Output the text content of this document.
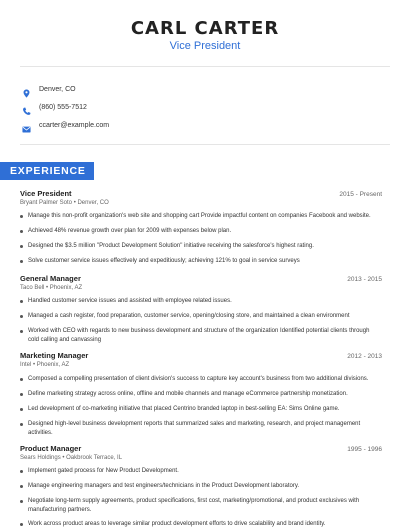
CARL CARTER
Vice President
Denver, CO
(860) 555-7512
ccarter@example.com
EXPERIENCE
Vice President	2015 - Present
Bryant Palmer Soto • Denver, CO
Manage this non-profit organization's web site and shopping cart Provide impactful content on companies Facebook and website.
Achieved 48% revenue growth over plan for 2009 with expenses below plan.
Designed the $3.5 million "Product Development Solution" initiative receiving the salesforce's highest rating.
Solve customer service issues effectively and expeditiously; achieving 121% to goal in service surveys
General Manager	2013 - 2015
Taco Bell • Phoenix, AZ
Handled customer service issues and assisted with employee related issues.
Managed a cash register, food preparation, customer service, opening/closing store, and maintained a clean environment
Worked with CEO with regards to new business development and structure of the organization Identified potential clients through cold calling and canvassing
Marketing Manager	2012 - 2013
Intel • Phoenix, AZ
Composed a compelling presentation of client division's success to capture key account's business from two additional divisions.
Define marketing strategy across online, offline and mobile channels and manage eCommerce partnership monetization.
Led development of co-marketing initiative that placed Centrino branded laptop in best-selling EA: Sims Online game.
Designed high-level business development reports that summarized sales and marketing, research, and project management activities.
Product Manager	1995 - 1996
Sears Holdings • Oakbrook Terrace, IL
Implement gated process for New Product Development.
Manage engineering managers and test engineers/technicians in the Product Development laboratory.
Negotiate long-term supply agreements, product specifications, first cost, marketing/promotional, and product exclusives with manufacturing partners.
Work across product areas to leverage similar product development efforts to drive scalability and brand identity.
